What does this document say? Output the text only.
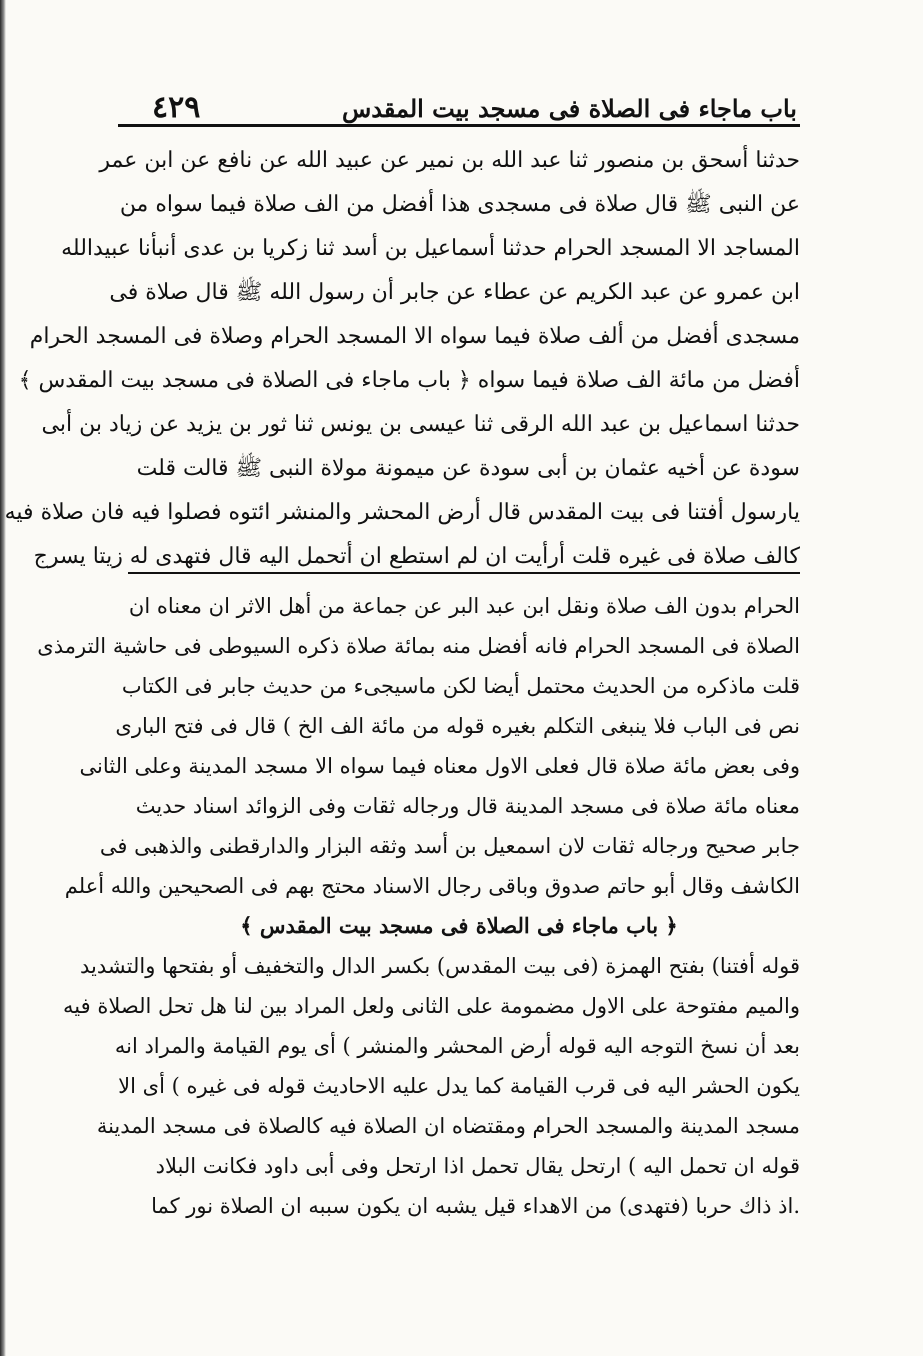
٤٢٩	باب ماجاء فى الصلاة فى مسجد بيت المقدس
حدثنا أسحق بن منصور ثنا عبد الله بن نمير عن عبيد الله عن نافع عن ابن عمر
عن النبى ﷺ قال صلاة فى مسجدى هذا أفضل من الف صلاة فيما سواه من
المساجد الا المسجد الحرام حدثنا أسماعيل بن أسد ثنا زكريا بن عدى أنبأنا عبيدالله
ابن عمرو عن عبد الكريم عن عطاء عن جابر أن رسول الله ﷺ قال صلاة فى
مسجدى أفضل من ألف صلاة فيما سواه الا المسجد الحرام وصلاة فى المسجد الحرام
أفضل من مائة الف صلاة فيما سواه ﴿ باب ماجاء فى الصلاة فى مسجد بيت المقدس ﴾
حدثنا اسماعيل بن عبد الله الرقى ثنا عيسى بن يونس ثنا ثور بن يزيد عن زياد بن أبى
سودة عن أخيه عثمان بن أبى سودة عن ميمونة مولاة النبى ﷺ قالت قلت
يارسول أفتنا فى بيت المقدس قال أرض المحشر والمنشر ائتوه فصلوا فيه فان صلاة فيه
كالف صلاة فى غيره قلت أرأيت ان لم استطع ان أتحمل اليه قال فتهدى له زيتا يسرج
الحرام بدون الف صلاة ونقل ابن عبد البر عن جماعة من أهل الاثر ان معناه ان
الصلاة فى المسجد الحرام فانه أفضل منه بمائة صلاة ذكره السيوطى فى حاشية الترمذى
قلت ماذكره من الحديث محتمل أيضا لكن ماسيجىء من حديث جابر فى الكتاب
نص فى الباب فلا ينبغى التكلم بغيره قوله من مائة الف الخ ) قال فى فتح البارى
وفى بعض مائة صلاة قال فعلى الاول معناه فيما سواه الا مسجد المدينة وعلى الثانى
معناه مائة صلاة فى مسجد المدينة قال ورجاله ثقات وفى الزوائد اسناد حديث
جابر صحيح ورجاله ثقات لان اسمعيل بن أسد وثقه البزار والدارقطنى والذهبى فى
الكاشف وقال أبو حاتم صدوق وباقى رجال الاسناد محتج بهم فى الصحيحين والله أعلم
﴿ باب ماجاء فى الصلاة فى مسجد بيت المقدس ﴾
قوله أفتنا) بفتح الهمزة (فى بيت المقدس) بكسر الدال والتخفيف أو بفتحها والتشديد
والميم مفتوحة على الاول مضمومة على الثانى ولعل المراد بين لنا هل تحل الصلاة فيه
بعد أن نسخ التوجه اليه قوله أرض المحشر والمنشر ) أى يوم القيامة والمراد انه
يكون الحشر اليه فى قرب القيامة كما يدل عليه الاحاديث قوله فى غيره ) أى الا
مسجد المدينة والمسجد الحرام ومقتضاه ان الصلاة فيه كالصلاة فى مسجد المدينة
قوله ان تحمل اليه ) ارتحل يقال تحمل اذا ارتحل وفى أبى داود فكانت البلاد
.اذ ذاك حربا (فتهدى) من الاهداء قيل يشبه ان يكون سببه ان الصلاة نور كما
